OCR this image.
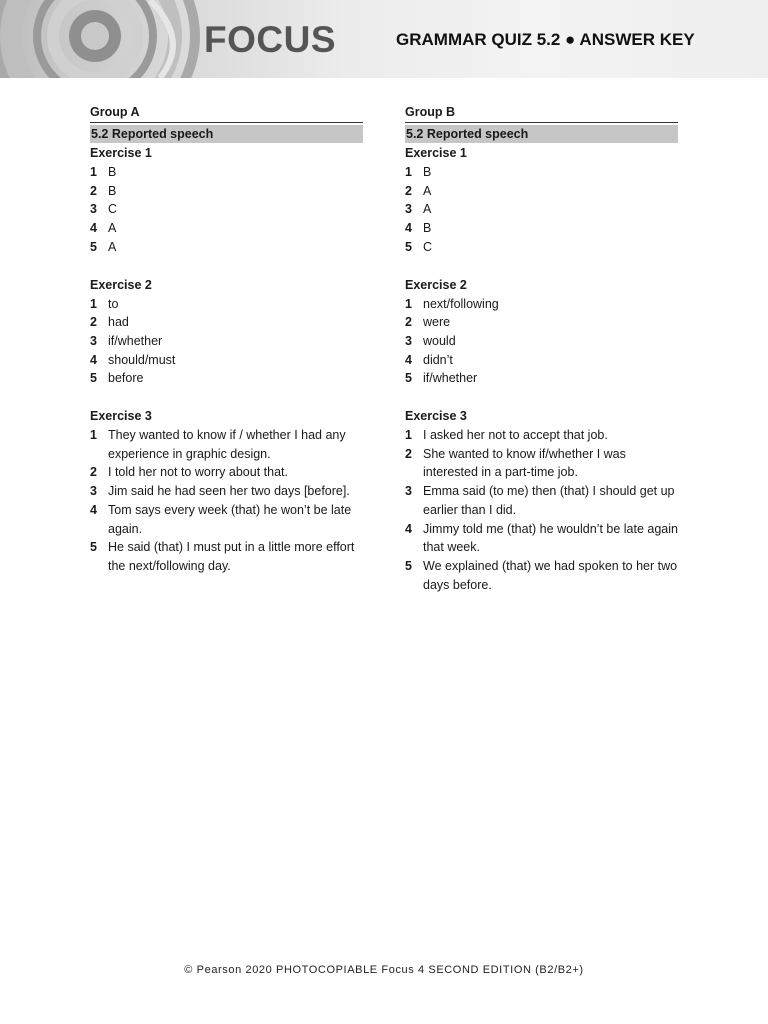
FOCUS	GRAMMAR QUIZ 5.2 ● ANSWER KEY
Group A
5.2 Reported speech
Exercise 1
1 B
2 B
3 C
4 A
5 A
Exercise 2
1 to
2 had
3 if/whether
4 should/must
5 before
Exercise 3
1 They wanted to know if / whether I had any experience in graphic design.
2 I told her not to worry about that.
3 Jim said he had seen her two days [before].
4 Tom says every week (that) he won’t be late again.
5 He said (that) I must put in a little more effort the next/following day.
Group B
5.2 Reported speech
Exercise 1
1 B
2 A
3 A
4 B
5 C
Exercise 2
1 next/following
2 were
3 would
4 didn’t
5 if/whether
Exercise 3
1 I asked her not to accept that job.
2 She wanted to know if/whether I was interested in a part-time job.
3 Emma said (to me) then (that) I should get up earlier than I did.
4 Jimmy told me (that) he wouldn’t be late again that week.
5 We explained (that) we had spoken to her two days before.
© Pearson 2020 PHOTOCOPIABLE Focus 4 SECOND EDITION (B2/B2+)
